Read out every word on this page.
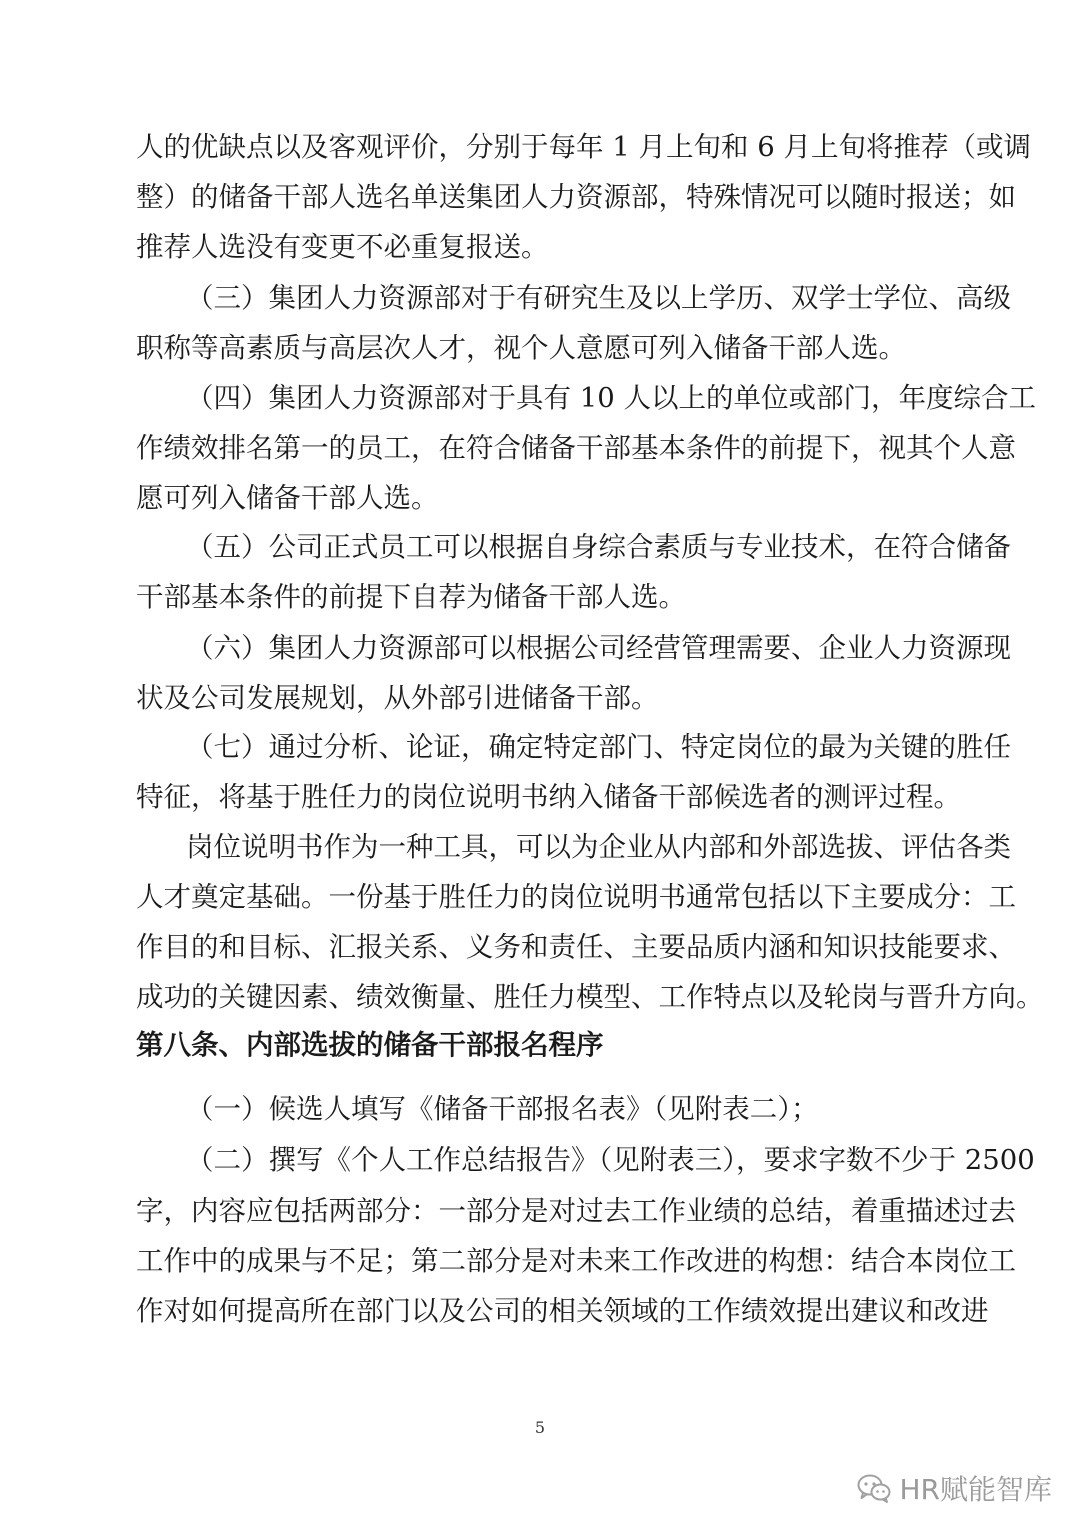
人的优缺点以及客观评价，分别于每年 1 月上旬和 6 月上旬将推荐（或调
整）的储备干部人选名单送集团人力资源部，特殊情况可以随时报送；如
推荐人选没有变更不必重复报送。
（三）集团人力资源部对于有研究生及以上学历、双学士学位、高级
职称等高素质与高层次人才，视个人意愿可列入储备干部人选。
（四）集团人力资源部对于具有 10 人以上的单位或部门，年度综合工
作绩效排名第一的员工，在符合储备干部基本条件的前提下，视其个人意
愿可列入储备干部人选。
（五）公司正式员工可以根据自身综合素质与专业技术，在符合储备
干部基本条件的前提下自荐为储备干部人选。
（六）集团人力资源部可以根据公司经营管理需要、企业人力资源现
状及公司发展规划，从外部引进储备干部。
（七）通过分析、论证，确定特定部门、特定岗位的最为关键的胜任
特征，将基于胜任力的岗位说明书纳入储备干部候选者的测评过程。
岗位说明书作为一种工具，可以为企业从内部和外部选拔、评估各类
人才奠定基础。一份基于胜任力的岗位说明书通常包括以下主要成分：工
作目的和目标、汇报关系、义务和责任、主要品质内涵和知识技能要求、
成功的关键因素、绩效衡量、胜任力模型、工作特点以及轮岗与晋升方向。
第八条、内部选拔的储备干部报名程序
（一）候选人填写《储备干部报名表》（见附表二）；
（二）撰写《个人工作总结报告》（见附表三），要求字数不少于 2500
字，内容应包括两部分：一部分是对过去工作业绩的总结，着重描述过去
工作中的成果与不足；第二部分是对未来工作改进的构想：结合本岗位工
作对如何提高所在部门以及公司的相关领域的工作绩效提出建议和改进
5
HR赋能智库
